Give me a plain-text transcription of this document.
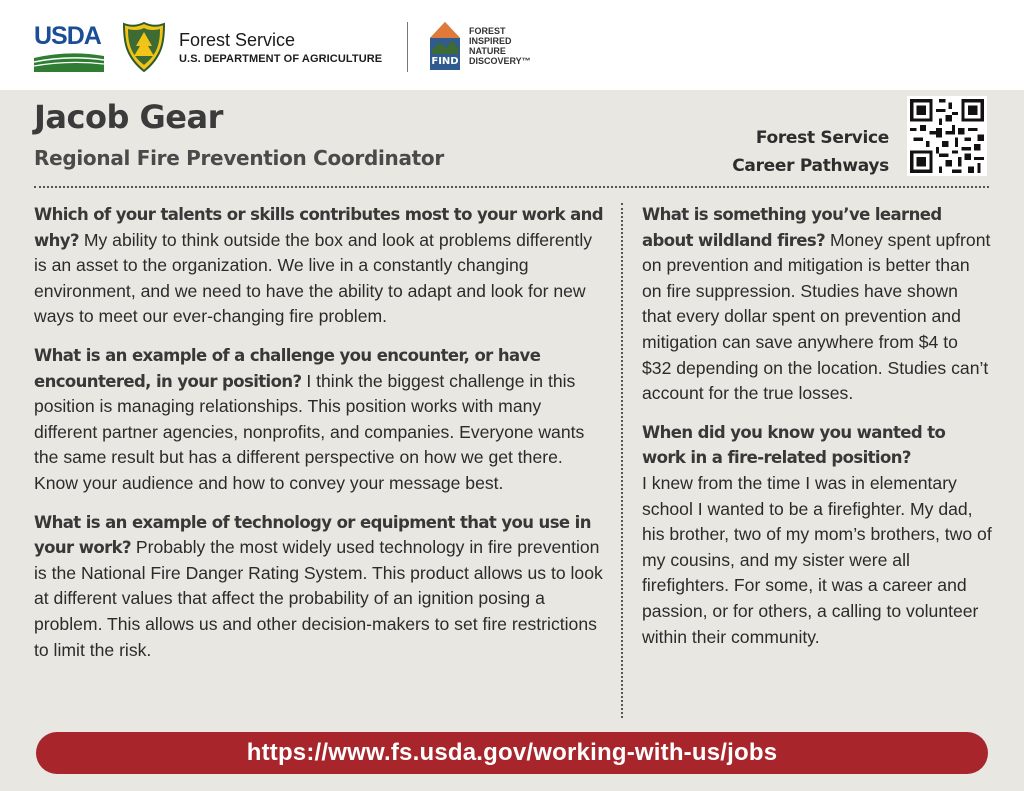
USDA	Forest Service
U.S. DEPARTMENT OF AGRICULTURE	FIND
FOREST
INSPIRED
NATURE
DISCOVERY™
Jacob Gear
Regional Fire Prevention Coordinator
Forest Service
Career Pathways

Which of your talents or skills contributes most to your work and why? My ability to think outside the box and look at problems differently is an asset to the organization. We live in a constantly changing environment, and we need to have the ability to adapt and look for new ways to meet our ever-changing fire problem.

What is an example of a challenge you encounter, or have encountered, in your position? I think the biggest challenge in this position is managing relationships. This position works with many different partner agencies, nonprofits, and companies. Everyone wants the same result but has a different perspective on how we get there. Know your audience and how to convey your message best.

What is an example of technology or equipment that you use in your work? Probably the most widely used technology in fire prevention is the National Fire Danger Rating System. This product allows us to look at different values that affect the probability of an ignition posing a problem. This allows us and other decision-makers to set fire restrictions to limit the risk.

What is something you’ve learned about wildland fires? Money spent upfront on prevention and mitigation is better than on fire suppression. Studies have shown that every dollar spent on prevention and mitigation can save anywhere from $4 to $32 depending on the location. Studies can’t account for the true losses.

When did you know you wanted to work in a fire-related position?
I knew from the time I was in elementary school I wanted to be a firefighter. My dad, his brother, two of my mom’s brothers, two of my cousins, and my sister were all firefighters. For some, it was a career and passion, or for others, a calling to volunteer within their community.

https://www.fs.usda.gov/working-with-us/jobs
